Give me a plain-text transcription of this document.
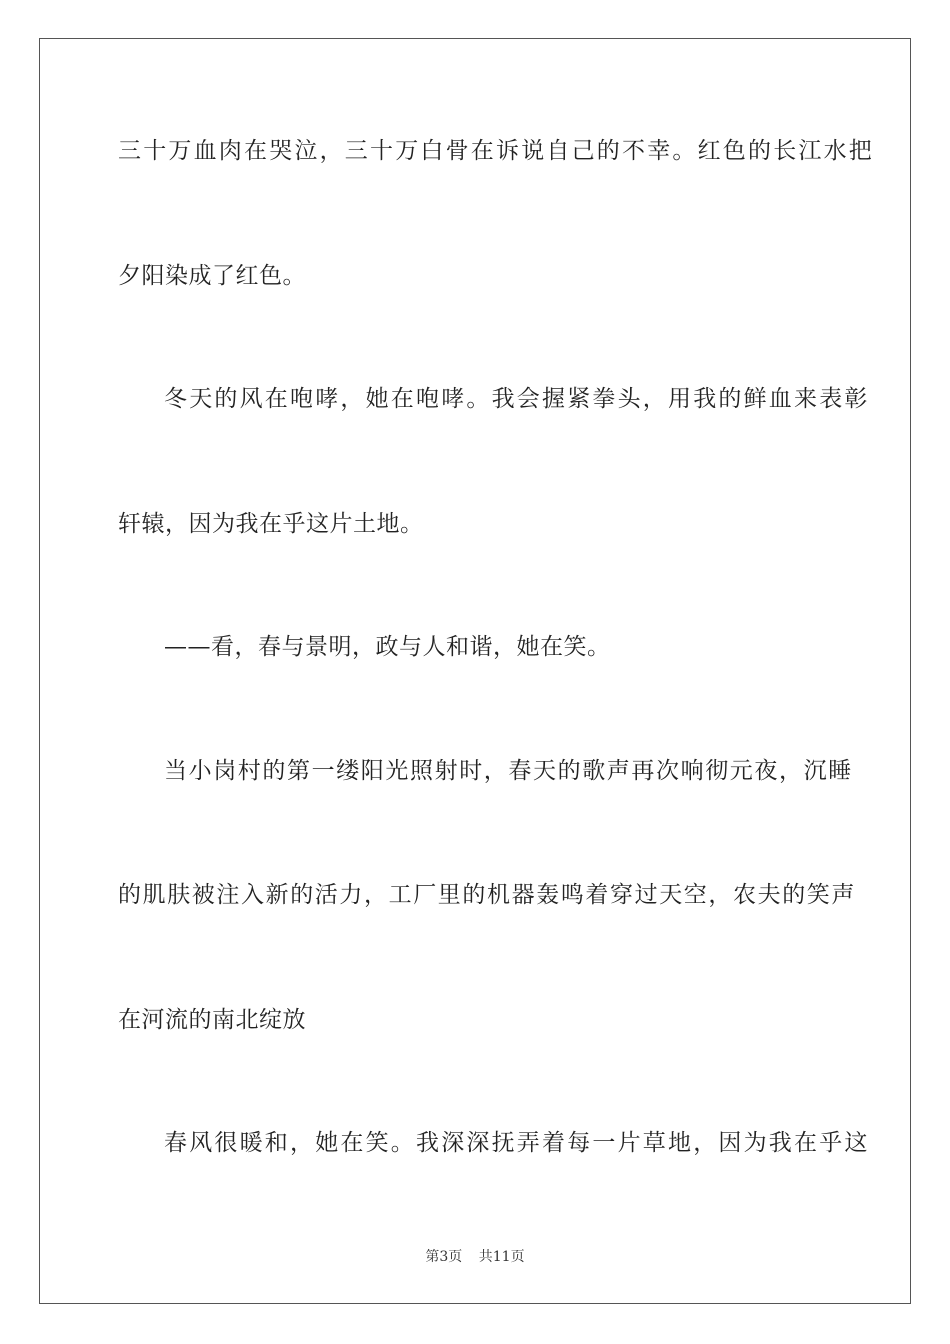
三十万血肉在哭泣，三十万白骨在诉说自己的不幸。红色的长江水把
夕阳染成了红色。
冬天的风在咆哮，她在咆哮。我会握紧拳头，用我的鲜血来表彰
轩辕，因为我在乎这片土地。
——看，春与景明，政与人和谐，她在笑。
当小岗村的第一缕阳光照射时，春天的歌声再次响彻元夜，沉睡
的肌肤被注入新的活力，工厂里的机器轰鸣着穿过天空，农夫的笑声
在河流的南北绽放
春风很暖和，她在笑。我深深抚弄着每一片草地，因为我在乎这
第3页 共11页
